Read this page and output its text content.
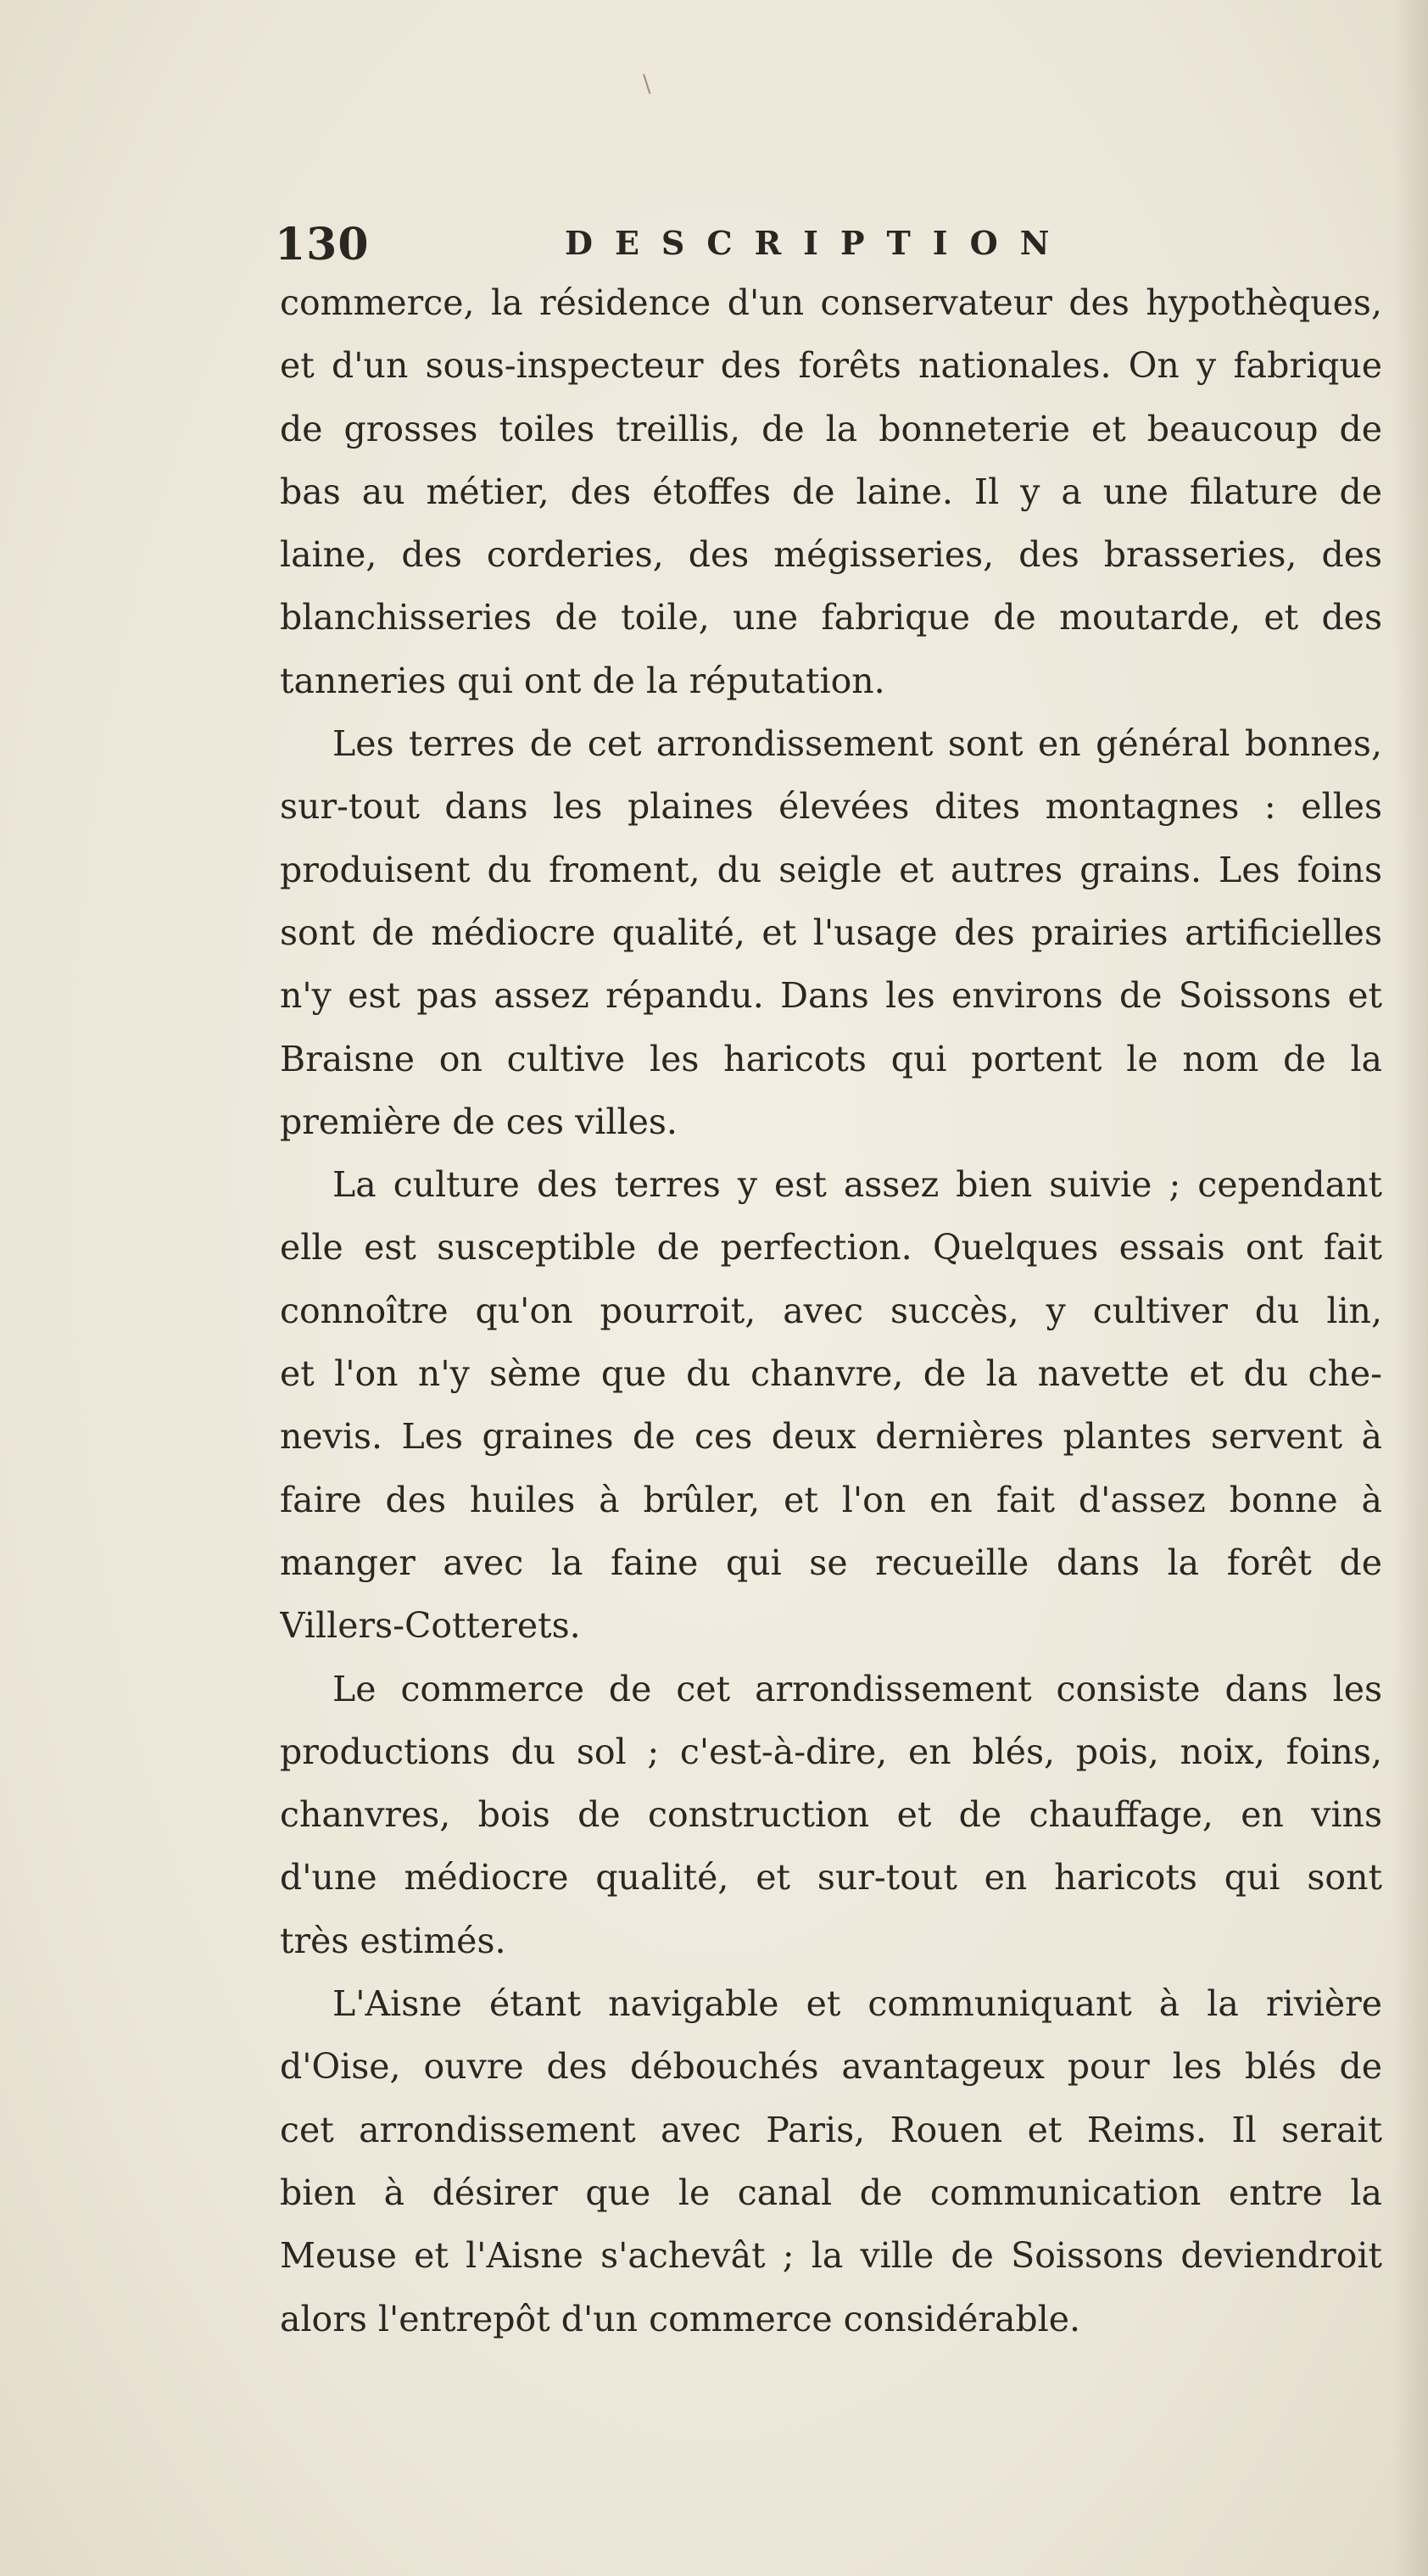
\
130	DESCRIPTION
commerce, la résidence d'un conservateur des hypothèques,
et d'un sous-inspecteur des forêts nationales. On y fabrique
de grosses toiles treillis, de la bonneterie et beaucoup de
bas au métier, des étoffes de laine. Il y a une filature de
laine, des corderies, des mégisseries, des brasseries, des
blanchisseries de toile, une fabrique de moutarde, et des
tanneries qui ont de la réputation.
Les terres de cet arrondissement sont en général bonnes,
sur-tout dans les plaines élevées dites montagnes : elles
produisent du froment, du seigle et autres grains. Les foins
sont de médiocre qualité, et l'usage des prairies artificielles
n'y est pas assez répandu. Dans les environs de Soissons et
Braisne on cultive les haricots qui portent le nom de la
première de ces villes.
La culture des terres y est assez bien suivie ; cependant
elle est susceptible de perfection. Quelques essais ont fait
connoître qu'on pourroit, avec succès, y cultiver du lin,
et l'on n'y sème que du chanvre, de la navette et du che-
nevis. Les graines de ces deux dernières plantes servent à
faire des huiles à brûler, et l'on en fait d'assez bonne à
manger avec la faine qui se recueille dans la forêt de
Villers-Cotterets.
Le commerce de cet arrondissement consiste dans les
productions du sol ; c'est-à-dire, en blés, pois, noix, foins,
chanvres, bois de construction et de chauffage, en vins
d'une médiocre qualité, et sur-tout en haricots qui sont
très estimés.
L'Aisne étant navigable et communiquant à la rivière
d'Oise, ouvre des débouchés avantageux pour les blés de
cet arrondissement avec Paris, Rouen et Reims. Il serait
bien à désirer que le canal de communication entre la
Meuse et l'Aisne s'achevât ; la ville de Soissons deviendroit
alors l'entrepôt d'un commerce considérable.
